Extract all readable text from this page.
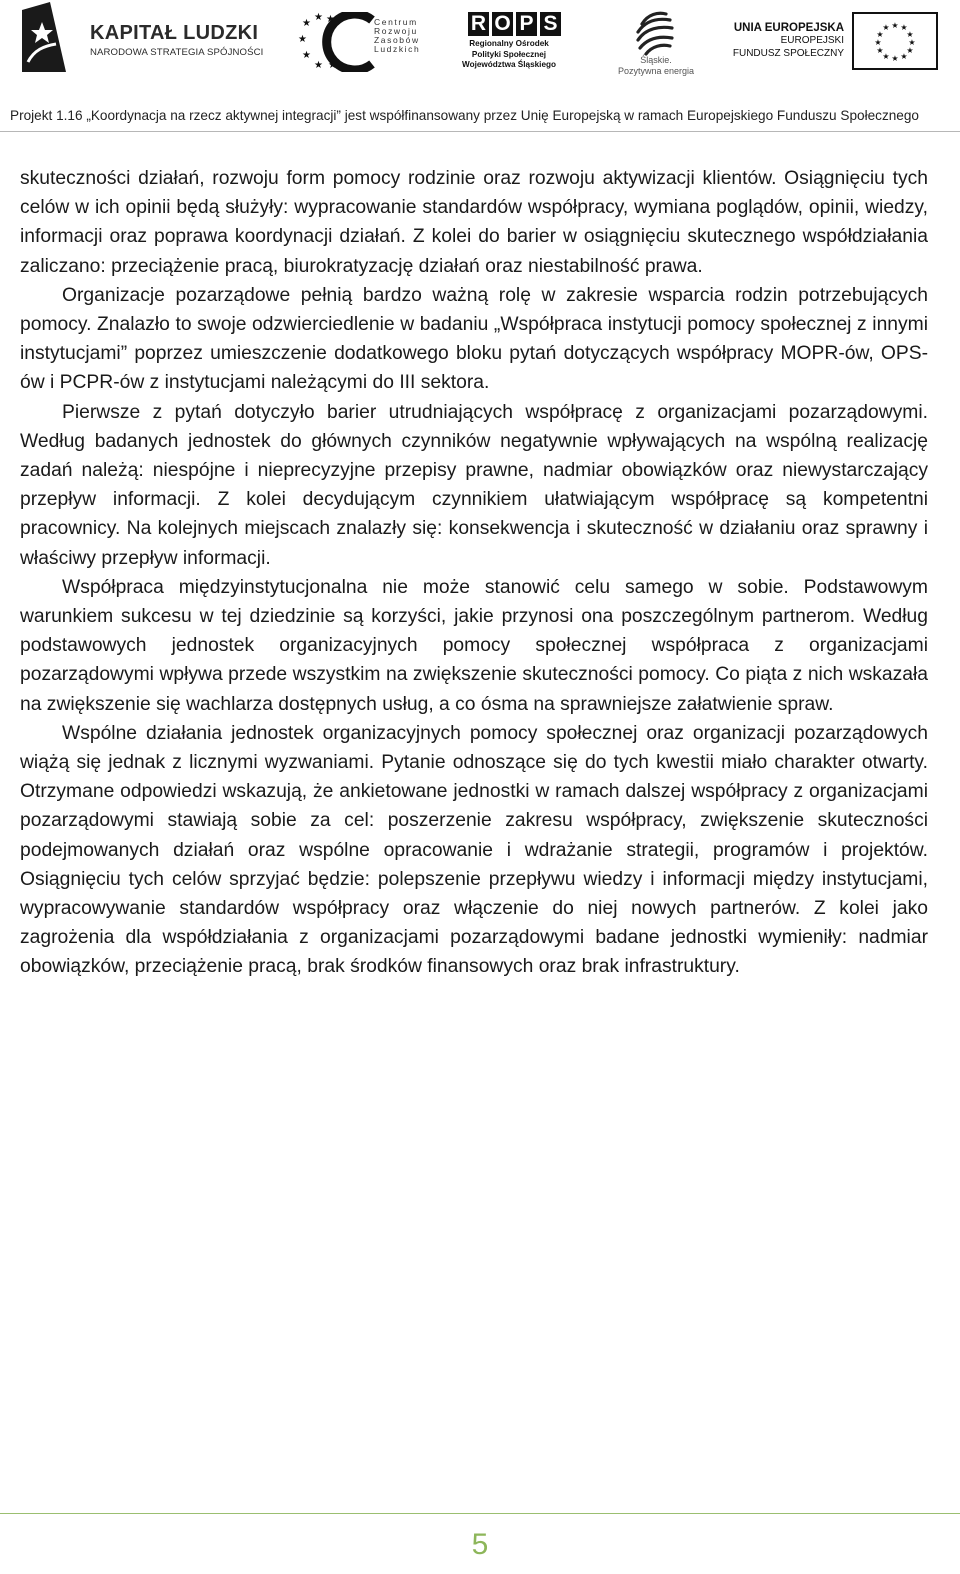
KAPITAŁ LUDZKI
NARODOWA STRATEGIA SPÓJNOŚCI
★
★ ★
★
★
★ ★
Centrum
Rozwoju
Zasobów
Ludzkich
R O P S
Regionalny Ośrodek
Polityki Społecznej
Województwa Śląskiego	Śląskie.
Pozytywna energia
UNIA EUROPEJSKA
EUROPEJSKI
FUNDUSZ SPOŁECZNY
★ ★
★
★
★
★
★
★
★
★
★
★
Projekt 1.16 „Koordynacja na rzecz aktywnej integracji” jest współfinansowany przez Unię Europejską w ramach Europejskiego Funduszu Społecznego

skuteczności działań, rozwoju form pomocy rodzinie oraz rozwoju aktywizacji klientów. Osiągnięciu tych celów w ich opinii będą służyły: wypracowanie standardów współpracy, wymiana poglądów, opinii, wiedzy, informacji oraz poprawa koordynacji działań. Z kolei do barier w osiągnięciu skutecznego współdziałania zaliczano: przeciążenie pracą, biurokratyzację działań oraz niestabilność prawa.

Organizacje pozarządowe pełnią bardzo ważną rolę w zakresie wsparcia rodzin potrzebujących pomocy. Znalazło to swoje odzwierciedlenie w badaniu „Współpraca instytucji pomocy społecznej z innymi instytucjami” poprzez umieszczenie dodatkowego bloku pytań dotyczących współpracy MOPR-ów, OPS-ów i PCPR-ów z instytucjami należącymi do III sektora.

Pierwsze z pytań dotyczyło barier utrudniających współpracę z organizacjami pozarządowymi. Według badanych jednostek do głównych czynników negatywnie wpływających na wspólną realizację zadań należą: niespójne i nieprecyzyjne przepisy prawne, nadmiar obowiązków oraz niewystarczający przepływ informacji. Z kolei decydującym czynnikiem ułatwiającym współpracę są kompetentni pracownicy. Na kolejnych miejscach znalazły się: konsekwencja i skuteczność w działaniu oraz sprawny i właściwy przepływ informacji.

Współpraca międzyinstytucjonalna nie może stanowić celu samego w sobie. Podstawowym warunkiem sukcesu w tej dziedzinie są korzyści, jakie przynosi ona poszczególnym partnerom. Według podstawowych jednostek organizacyjnych pomocy społecznej współpraca z organizacjami pozarządowymi wpływa przede wszystkim na zwiększenie skuteczności pomocy. Co piąta z nich wskazała na zwiększenie się wachlarza dostępnych usług, a co ósma na sprawniejsze załatwienie spraw.

Wspólne działania jednostek organizacyjnych pomocy społecznej oraz organizacji pozarządowych wiążą się jednak z licznymi wyzwaniami. Pytanie odnoszące się do tych kwestii miało charakter otwarty. Otrzymane odpowiedzi wskazują, że ankietowane jednostki w ramach dalszej współpracy z organizacjami pozarządowymi stawiają sobie za cel: poszerzenie zakresu współpracy, zwiększenie skuteczności podejmowanych działań oraz wspólne opracowanie i wdrażanie strategii, programów i projektów. Osiągnięciu tych celów sprzyjać będzie: polepszenie przepływu wiedzy i informacji między instytucjami, wypracowywanie standardów współpracy oraz włączenie do niej nowych partnerów. Z kolei jako zagrożenia dla współdziałania z organizacjami pozarządowymi badane jednostki wymieniły: nadmiar obowiązków, przeciążenie pracą, brak środków finansowych oraz brak infrastruktury.

5
